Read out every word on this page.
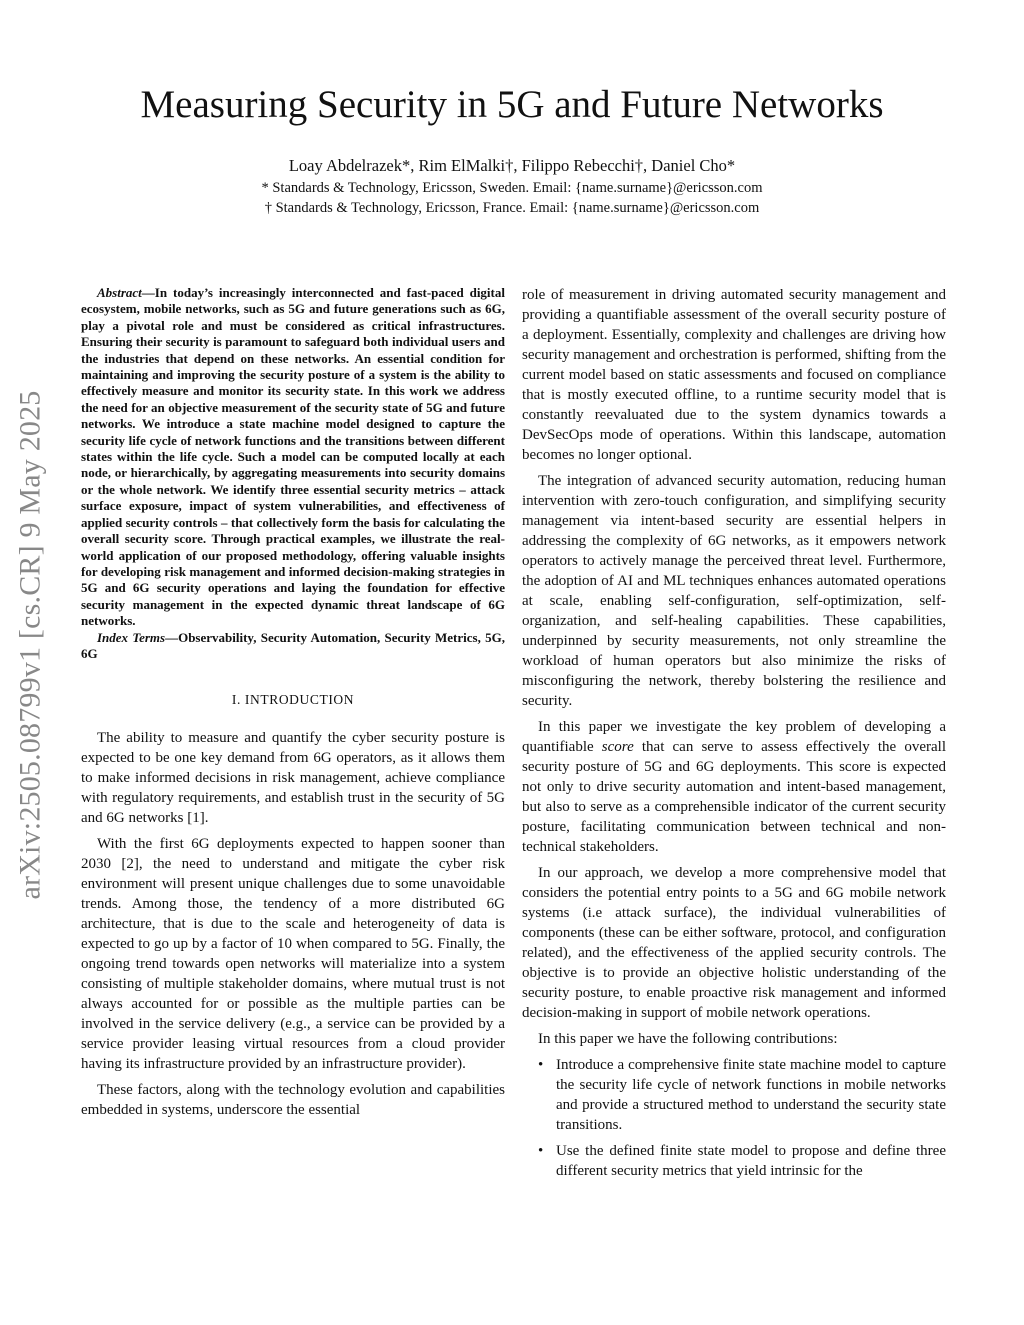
arXiv:2505.08799v1 [cs.CR] 9 May 2025
Measuring Security in 5G and Future Networks
Loay Abdelrazek*, Rim ElMalki†, Filippo Rebecchi†, Daniel Cho*
* Standards & Technology, Ericsson, Sweden. Email: {name.surname}@ericsson.com
† Standards & Technology, Ericsson, France. Email: {name.surname}@ericsson.com

Abstract—In today’s increasingly interconnected and fast-paced digital ecosystem, mobile networks, such as 5G and future generations such as 6G, play a pivotal role and must be considered as critical infrastructures. Ensuring their security is paramount to safeguard both individual users and the industries that depend on these networks. An essential condition for maintaining and improving the security posture of a system is the ability to effectively measure and monitor its security state. In this work we address the need for an objective measurement of the security state of 5G and future networks. We introduce a state machine model designed to capture the security life cycle of network functions and the transitions between different states within the life cycle. Such a model can be computed locally at each node, or hierarchically, by aggregating measurements into security domains or the whole network. We identify three essential security metrics – attack surface exposure, impact of system vulnerabilities, and effectiveness of applied security controls – that collectively form the basis for calculating the overall security score. Through practical examples, we illustrate the real-world application of our proposed methodology, offering valuable insights for developing risk management and informed decision-making strategies in 5G and 6G security operations and laying the foundation for effective security management in the expected dynamic threat landscape of 6G networks.

Index Terms—Observability, Security Automation, Security Metrics, 5G, 6G

I. INTRODUCTION

The ability to measure and quantify the cyber security posture is expected to be one key demand from 6G operators, as it allows them to make informed decisions in risk management, achieve compliance with regulatory requirements, and establish trust in the security of 5G and 6G networks [1].

With the first 6G deployments expected to happen sooner than 2030 [2], the need to understand and mitigate the cyber risk environment will present unique challenges due to some unavoidable trends. Among those, the tendency of a more distributed 6G architecture, that is due to the scale and heterogeneity of data is expected to go up by a factor of 10 when compared to 5G. Finally, the ongoing trend towards open networks will materialize into a system consisting of multiple stakeholder domains, where mutual trust is not always accounted for or possible as the multiple parties can be involved in the service delivery (e.g., a service can be provided by a service provider leasing virtual resources from a cloud provider having its infrastructure provided by an infrastructure provider).

These factors, along with the technology evolution and capabilities embedded in systems, underscore the essential

role of measurement in driving automated security management and providing a quantifiable assessment of the overall security posture of a deployment. Essentially, complexity and challenges are driving how security management and orchestration is performed, shifting from the current model based on static assessments and focused on compliance that is mostly executed offline, to a runtime security model that is constantly reevaluated due to the system dynamics towards a DevSecOps mode of operations. Within this landscape, automation becomes no longer optional.

The integration of advanced security automation, reducing human intervention with zero-touch configuration, and simplifying security management via intent-based security are essential helpers in addressing the complexity of 6G networks, as it empowers network operators to actively manage the perceived threat level. Furthermore, the adoption of AI and ML techniques enhances automated operations at scale, enabling self-configuration, self-optimization, self-organization, and self-healing capabilities. These capabilities, underpinned by security measurements, not only streamline the workload of human operators but also minimize the risks of misconfiguring the network, thereby bolstering the resilience and security.

In this paper we investigate the key problem of developing a quantifiable score that can serve to assess effectively the overall security posture of 5G and 6G deployments. This score is expected not only to drive security automation and intent-based management, but also to serve as a comprehensible indicator of the current security posture, facilitating communication between technical and non-technical stakeholders.

In our approach, we develop a more comprehensive model that considers the potential entry points to a 5G and 6G mobile network systems (i.e attack surface), the individual vulnerabilities of components (these can be either software, protocol, and configuration related), and the effectiveness of the applied security controls. The objective is to provide an objective holistic understanding of the security posture, to enable proactive risk management and informed decision-making in support of mobile network operations.

In this paper we have the following contributions:

• Introduce a comprehensive finite state machine model to capture the security life cycle of network functions in mobile networks and provide a structured method to understand the security state transitions.
• Use the defined finite state model to propose and define three different security metrics that yield intrinsic for the
